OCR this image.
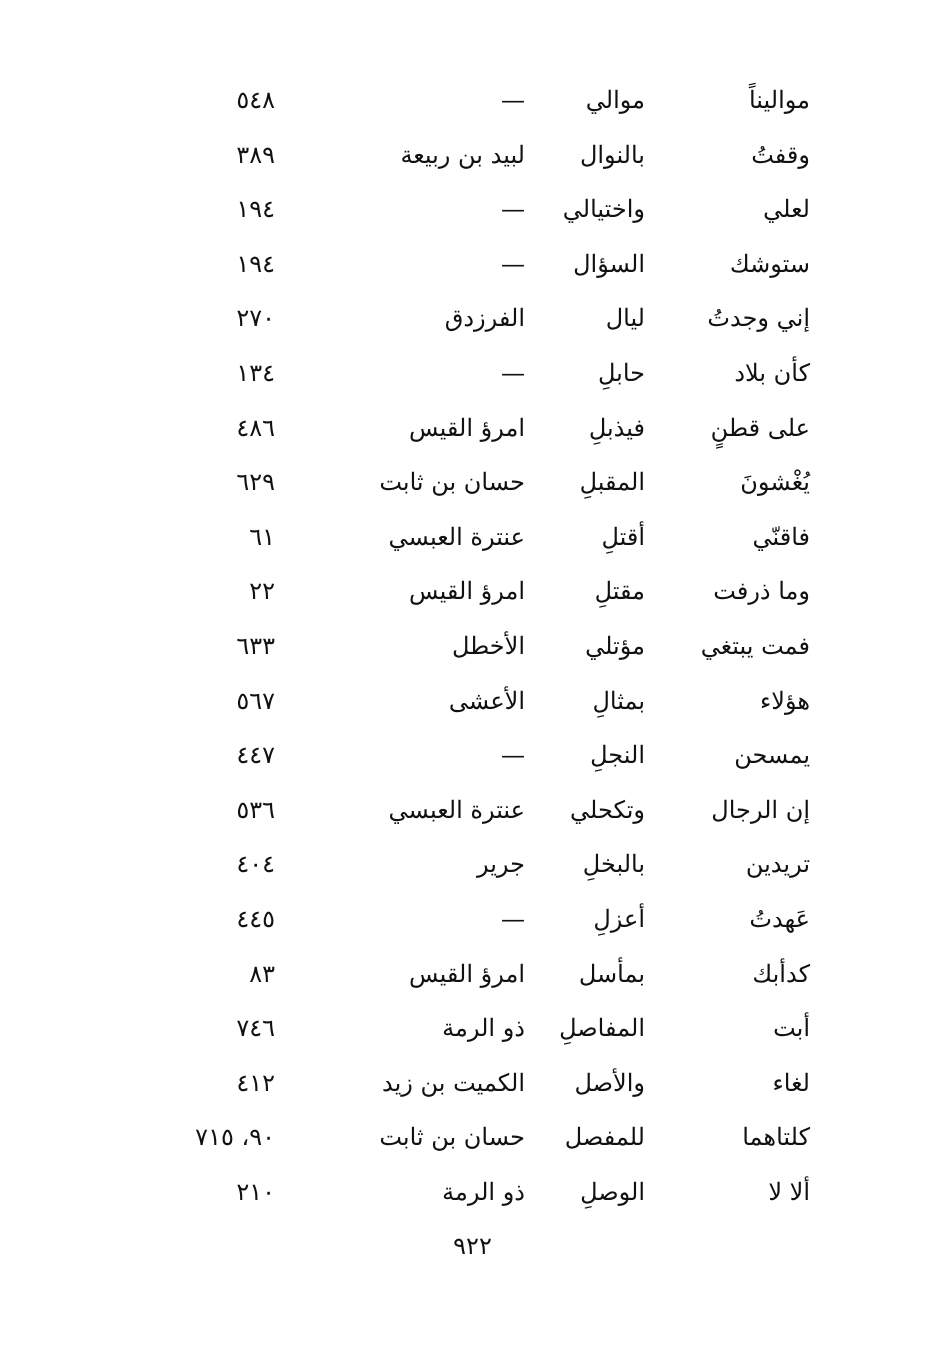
مواليناً
موالي
—
٥٤٨
وقفتُ
بالنوال
لبيد بن ربيعة
٣٨٩
لعلي
واختيالي
—
١٩٤
ستوشك
السؤال
—
١٩٤
إني وجدتُ
ليال
الفرزدق
٢٧٠
كأن بلاد
حابلِ
—
١٣٤
على قطنٍ
فيذبلِ
امرؤ القيس
٤٨٦
يُغْشونَ
المقبلِ
حسان بن ثابت
٦٢٩
فاقنّي
أقتلِ
عنترة العبسي
٦١
وما ذرفت
مقتلِ
امرؤ القيس
٢٢
فمت يبتغي
مؤتلي
الأخطل
٦٣٣
هؤلاء
بمثالِ
الأعشى
٥٦٧
يمسحن
النجلِ
—
٤٤٧
إن الرجال
وتكحلي
عنترة العبسي
٥٣٦
تريدين
بالبخلِ
جرير
٤٠٤
عَهدتُ
أعزلِ
—
٤٤٥
كدأبك
بمأسل
امرؤ القيس
٨٣
أبت
المفاصلِ
ذو الرمة
٧٤٦
لغاء
والأصل
الكميت بن زيد
٤١٢
كلتاهما
للمفصل
حسان بن ثابت
٩٠، ٧١٥
ألا لا
الوصلِ
ذو الرمة
٢١٠
٩٢٢
